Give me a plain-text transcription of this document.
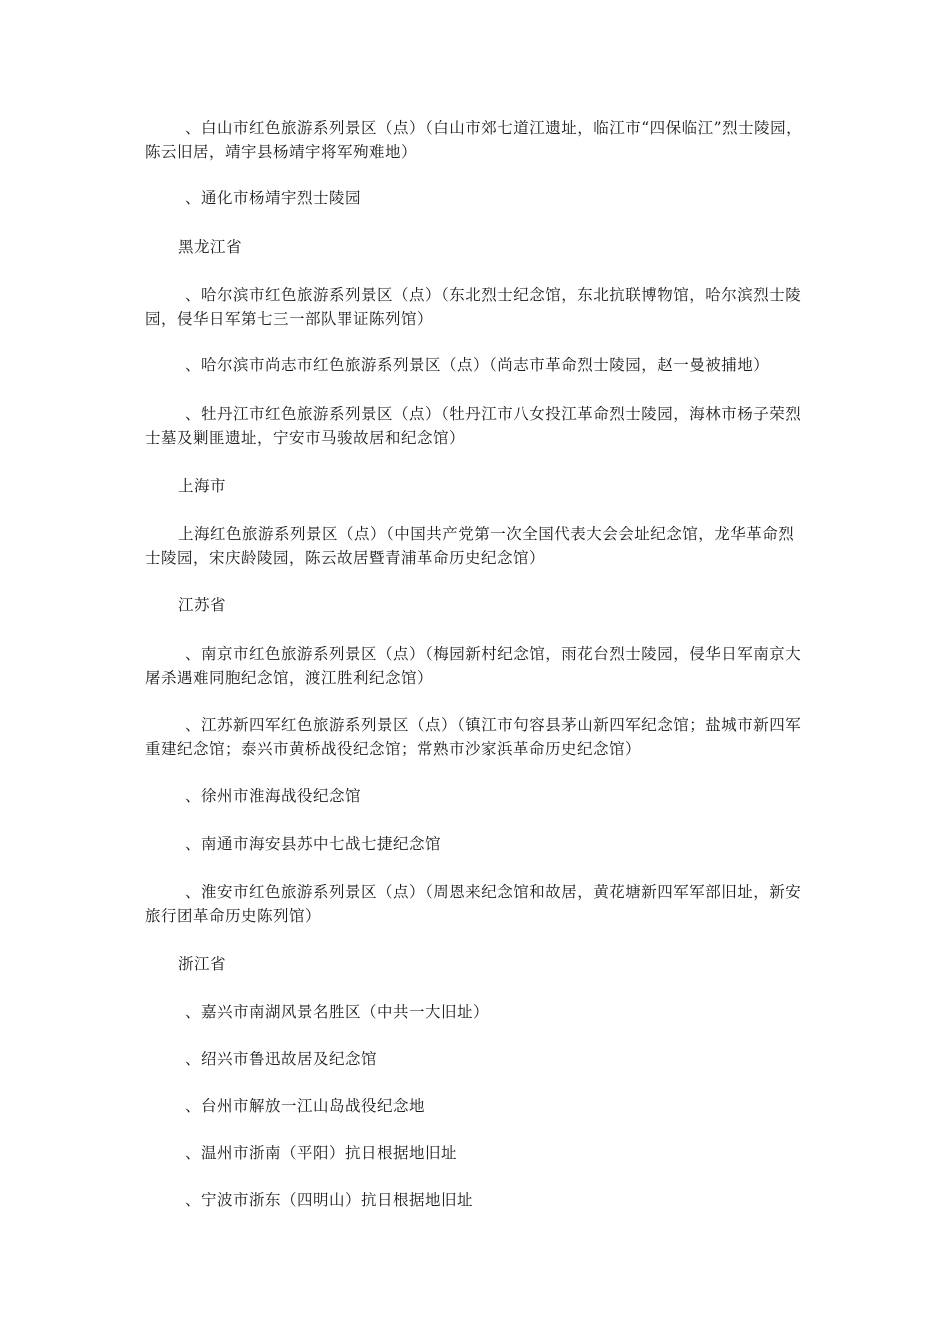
、白山市红色旅游系列景区（点）（白山市郊七道江遗址，临江市“四保临江”烈士陵园，陈云旧居，靖宇县杨靖宇将军殉难地）

、通化市杨靖宇烈士陵园

黑龙江省

、哈尔滨市红色旅游系列景区（点）（东北烈士纪念馆，东北抗联博物馆，哈尔滨烈士陵园，侵华日军第七三一部队罪证陈列馆）

、哈尔滨市尚志市红色旅游系列景区（点）（尚志市革命烈士陵园，赵一曼被捕地）

、牡丹江市红色旅游系列景区（点）（牡丹江市八女投江革命烈士陵园，海林市杨子荣烈士墓及剿匪遗址，宁安市马骏故居和纪念馆）

上海市

上海红色旅游系列景区（点）（中国共产党第一次全国代表大会会址纪念馆，龙华革命烈士陵园，宋庆龄陵园，陈云故居暨青浦革命历史纪念馆）

江苏省

、南京市红色旅游系列景区（点）（梅园新村纪念馆，雨花台烈士陵园，侵华日军南京大屠杀遇难同胞纪念馆，渡江胜利纪念馆）

、江苏新四军红色旅游系列景区（点）（镇江市句容县茅山新四军纪念馆；盐城市新四军重建纪念馆；泰兴市黄桥战役纪念馆；常熟市沙家浜革命历史纪念馆）

、徐州市淮海战役纪念馆

、南通市海安县苏中七战七捷纪念馆

、淮安市红色旅游系列景区（点）（周恩来纪念馆和故居，黄花塘新四军军部旧址，新安旅行团革命历史陈列馆）

浙江省

、嘉兴市南湖风景名胜区（中共一大旧址）

、绍兴市鲁迅故居及纪念馆

、台州市解放一江山岛战役纪念地

、温州市浙南（平阳）抗日根据地旧址

、宁波市浙东（四明山）抗日根据地旧址
